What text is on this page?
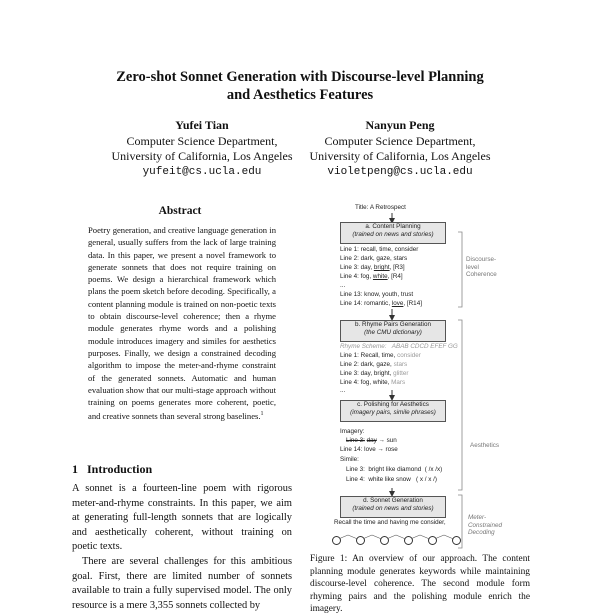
Zero-shot Sonnet Generation with Discourse-level Planning
and Aesthetics Features
Yufei Tian
Computer Science Department,
University of California, Los Angeles
yufeit@cs.ucla.edu
Nanyun Peng
Computer Science Department,
University of California, Los Angeles
violetpeng@cs.ucla.edu
Abstract
Poetry generation, and creative language generation in general, usually suffers from the lack of large training data. In this paper, we present a novel framework to generate sonnets that does not require training on poems. We design a hierarchical framework which plans the poem sketch before decoding. Specifically, a content planning module is trained on non-poetic texts to obtain discourse-level coherence; then a rhyme module generates rhyme words and a polishing module introduces imagery and similes for aesthetics purposes. Finally, we design a constrained decoding algorithm to impose the meter-and-rhyme constraint of the generated sonnets. Automatic and human evaluation show that our multi-stage approach without training on poems generates more coherent, poetic, and creative sonnets than several strong baselines.$^1$
1 Introduction

A sonnet is a fourteen-line poem with rigorous meter-and-rhyme constraints. In this paper, we aim at generating full-length sonnets that are logically and aesthetically coherent, without training on poetic texts.

There are several challenges for this ambitious goal. First, there are limited number of sonnets available to train a fully supervised model. The only resource is a mere 3,355 sonnets collected by

Title: A Retrospect
a. Content Planning
(trained on news and stories)
Line 1: recall, time, consider
Line 2: dark, gaze, stars
Line 3: day, bright, [R3]
Line 4: fog, white, [R4]
...
Line 13: know, youth, trust
Line 14: romantic, love, [R14]
Discourse-
level
Coherence
b. Rhyme Pairs Generation
(the CMU dictionary)
Rhyme Scheme: ABAB CDCD EFEF GG
Line 1: Recall, time, consider
Line 2: dark, gaze, stars
Line 3: day, bright, glitter
Line 4: fog, white, Mars
...
c. Polishing for Aesthetics
(imagery pairs, simile phrases)
Aesthetics
Imagery:
Line 3: day → sun
Line 14: love → rose
Simile:
Line 3: bright like diamond ( /x /x)
Line 4: white like snow ( x / x /)
d. Sonnet Generation
(trained on news and stories)
Meter-
Constrained
Decoding
Recall the time and having me consider,
Figure 1: An overview of our approach. The content planning module generates keywords while maintaining discourse-level coherence. The second module form rhyming pairs and the polishing module enrich the imagery.
